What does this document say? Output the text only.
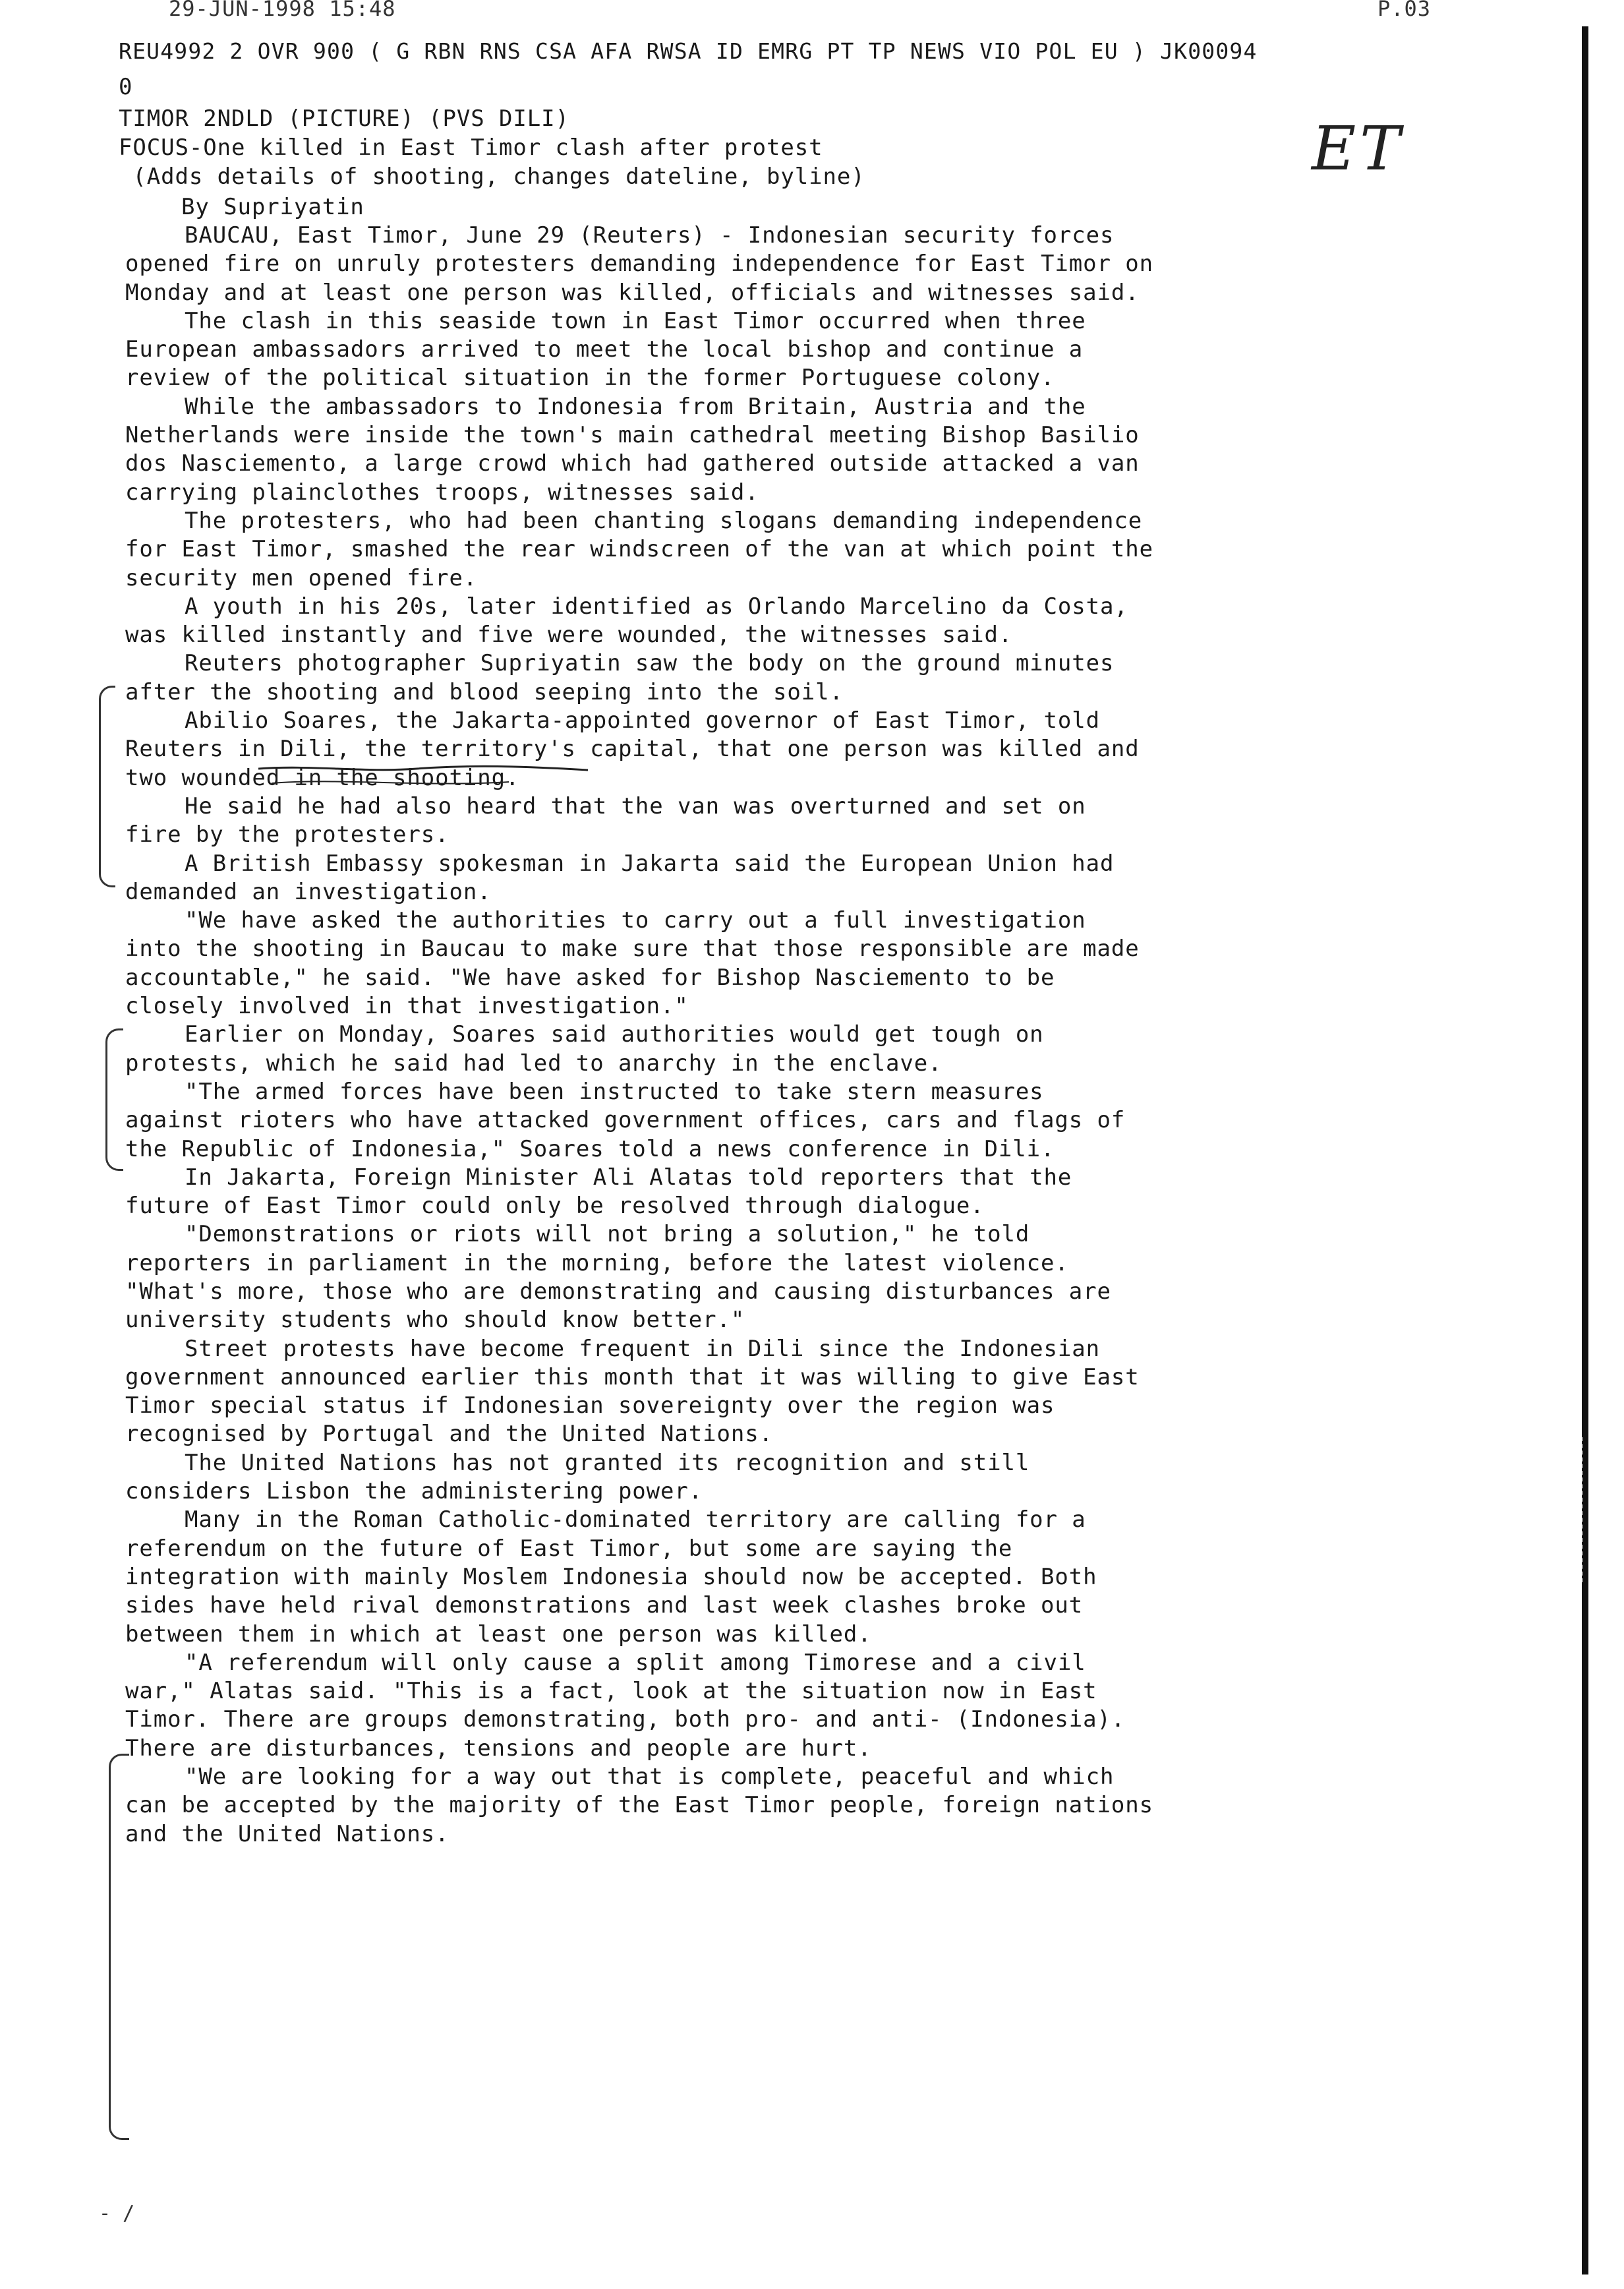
29-JUN-1998 15:48	P.03
REU4992 2 OVR 900 ( G RBN RNS CSA AFA RWSA ID EMRG PT TP NEWS VIO POL EU ) JK00094
0
TIMOR 2NDLD (PICTURE) (PVS DILI)
FOCUS-One killed in East Timor clash after protest
(Adds details of shooting, changes dateline, byline)
By Supriyatin
ET

BAUCAU, East Timor, June 29 (Reuters) - Indonesian security forces opened fire on unruly protesters demanding independence for East Timor on Monday and at least one person was killed, officials and witnesses said.

The clash in this seaside town in East Timor occurred when three European ambassadors arrived to meet the local bishop and continue a review of the political situation in the former Portuguese colony.

While the ambassadors to Indonesia from Britain, Austria and the Netherlands were inside the town's main cathedral meeting Bishop Basilio dos Nasciemento, a large crowd which had gathered outside attacked a van carrying plainclothes troops, witnesses said.

The protesters, who had been chanting slogans demanding independence for East Timor, smashed the rear windscreen of the van at which point the security men opened fire.

A youth in his 20s, later identified as Orlando Marcelino da Costa, was killed instantly and five were wounded, the witnesses said.

Reuters photographer Supriyatin saw the body on the ground minutes after the shooting and blood seeping into the soil.

Abilio Soares, the Jakarta-appointed governor of East Timor, told Reuters in Dili, the territory's capital, that one person was killed and two wounded in the shooting.

He said he had also heard that the van was overturned and set on fire by the protesters.

A British Embassy spokesman in Jakarta said the European Union had demanded an investigation.

"We have asked the authorities to carry out a full investigation into the shooting in Baucau to make sure that those responsible are made accountable," he said. "We have asked for Bishop Nasciemento to be closely involved in that investigation."

Earlier on Monday, Soares said authorities would get tough on protests, which he said had led to anarchy in the enclave.

"The armed forces have been instructed to take stern measures against rioters who have attacked government offices, cars and flags of the Republic of Indonesia," Soares told a news conference in Dili.

In Jakarta, Foreign Minister Ali Alatas told reporters that the future of East Timor could only be resolved through dialogue.

"Demonstrations or riots will not bring a solution," he told reporters in parliament in the morning, before the latest violence. "What's more, those who are demonstrating and causing disturbances are university students who should know better."

Street protests have become frequent in Dili since the Indonesian government announced earlier this month that it was willing to give East Timor special status if Indonesian sovereignty over the region was recognised by Portugal and the United Nations.

The United Nations has not granted its recognition and still considers Lisbon the administering power.

Many in the Roman Catholic-dominated territory are calling for a referendum on the future of East Timor, but some are saying the integration with mainly Moslem Indonesia should now be accepted. Both sides have held rival demonstrations and last week clashes broke out between them in which at least one person was killed.

"A referendum will only cause a split among Timorese and a civil war," Alatas said. "This is a fact, look at the situation now in East Timor. There are groups demonstrating, both pro- and anti- (Indonesia). There are disturbances, tensions and people are hurt.

"We are looking for a way out that is complete, peaceful and which can be accepted by the majority of the East Timor people, foreign nations and the United Nations.

- /
